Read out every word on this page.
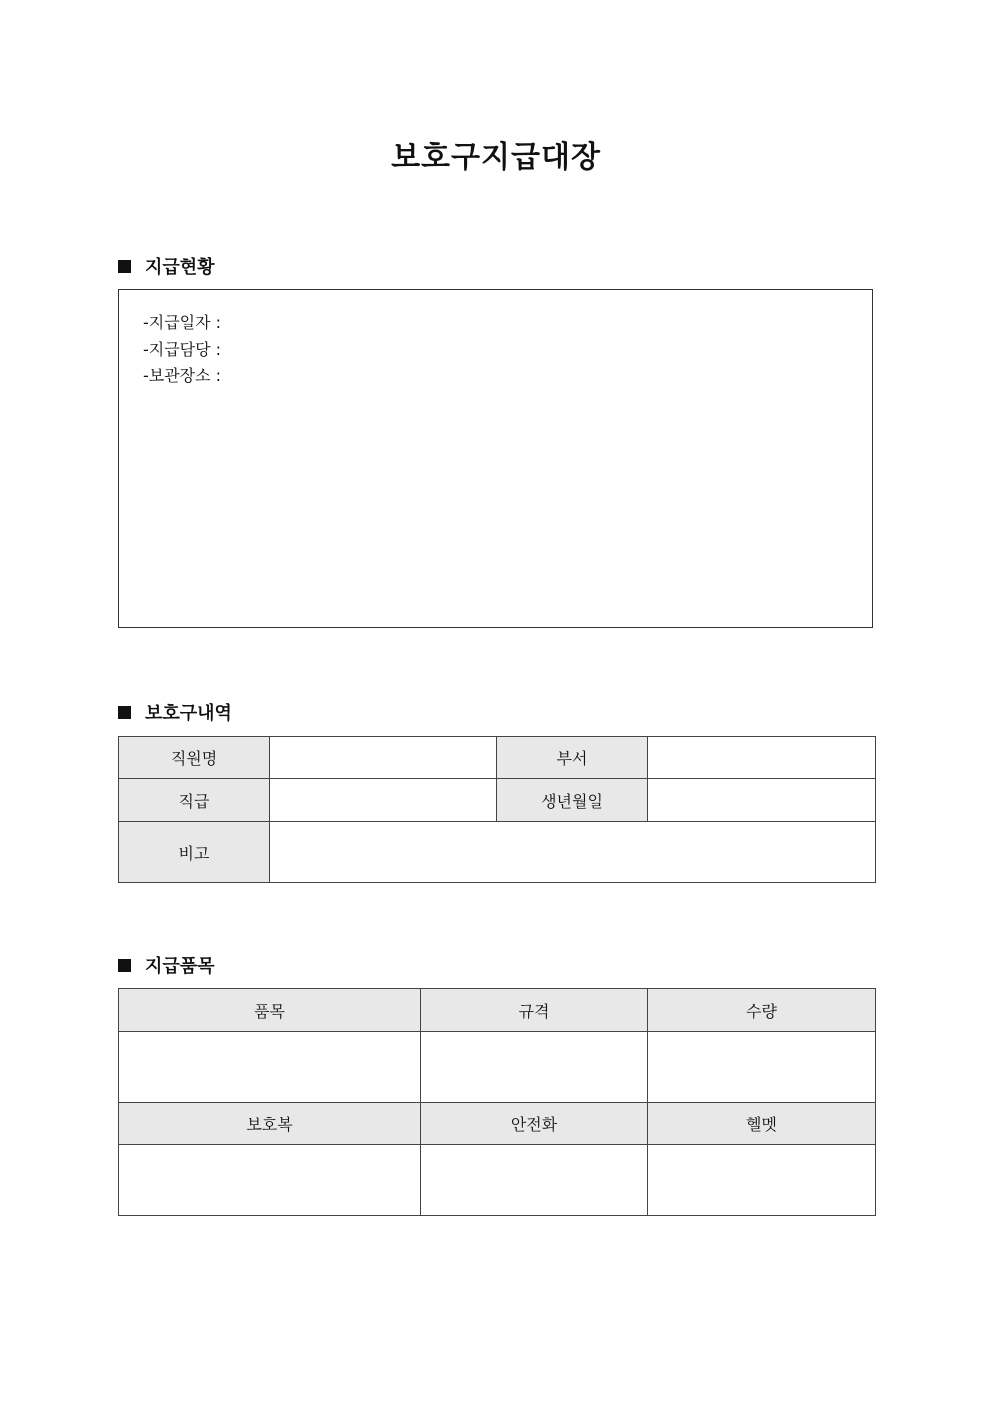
보호구지급대장
지급현황
-지급일자 :
-지급담당 :
-보관장소 :
보호구내역
직원명		부서	
직급		생년월일	
비고			
지급품목
품목	규격	수량

보호복	안전화	헬멧
